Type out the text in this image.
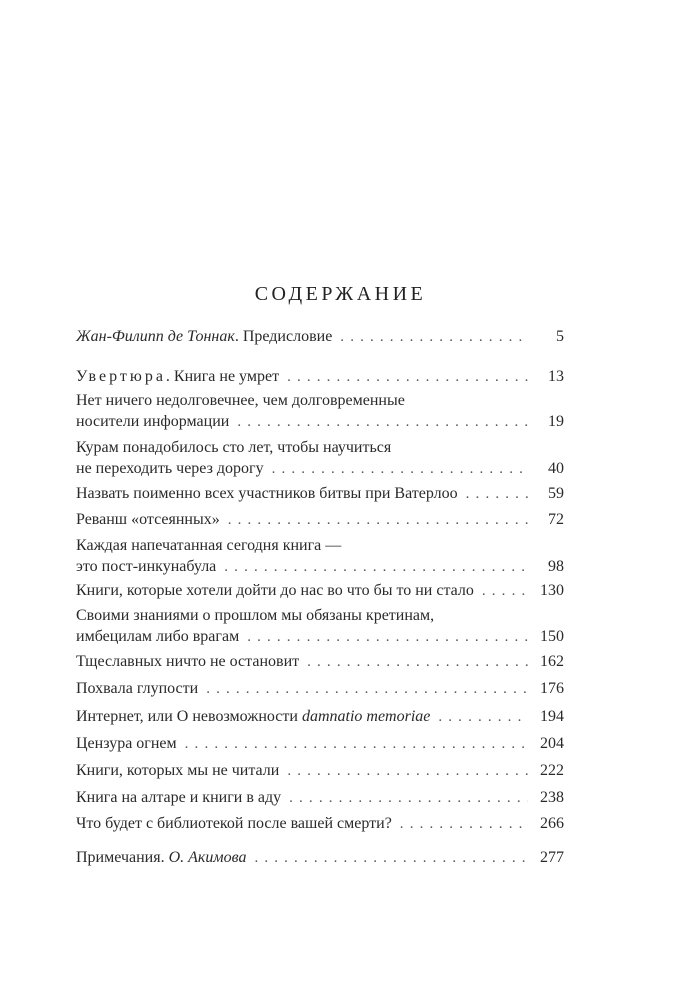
СОДЕРЖАНИЕ
Жан-Филипп де Тоннак. Предисловие . . .	5
Увертюра. Книга не умрет . . .	13
Нет ничего недолговечнее, чем долговременные
носители информации . . .	19
Курам понадобилось сто лет, чтобы научиться
не переходить через дорогу . . .	40
Назвать поименно всех участников битвы при Ватерлоо . . .	59
Реванш «отсеянных» . . .	72
Каждая напечатанная сегодня книга —
это пост-инкунабула . . .	98
Книги, которые хотели дойти до нас во что бы то ни стало . . .	130
Своими знаниями о прошлом мы обязаны кретинам,
имбецилам либо врагам . . .	150
Тщеславных ничто не остановит . . .	162
Похвала глупости . . .	176
Интернет, или О невозможности damnatio memoriae . . .	194
Цензура огнем . . .	204
Книги, которых мы не читали . . .	222
Книга на алтаре и книги в аду . . .	238
Что будет с библиотекой после вашей смерти? . . .	266
Примечания. О. Акимова . . .	277
